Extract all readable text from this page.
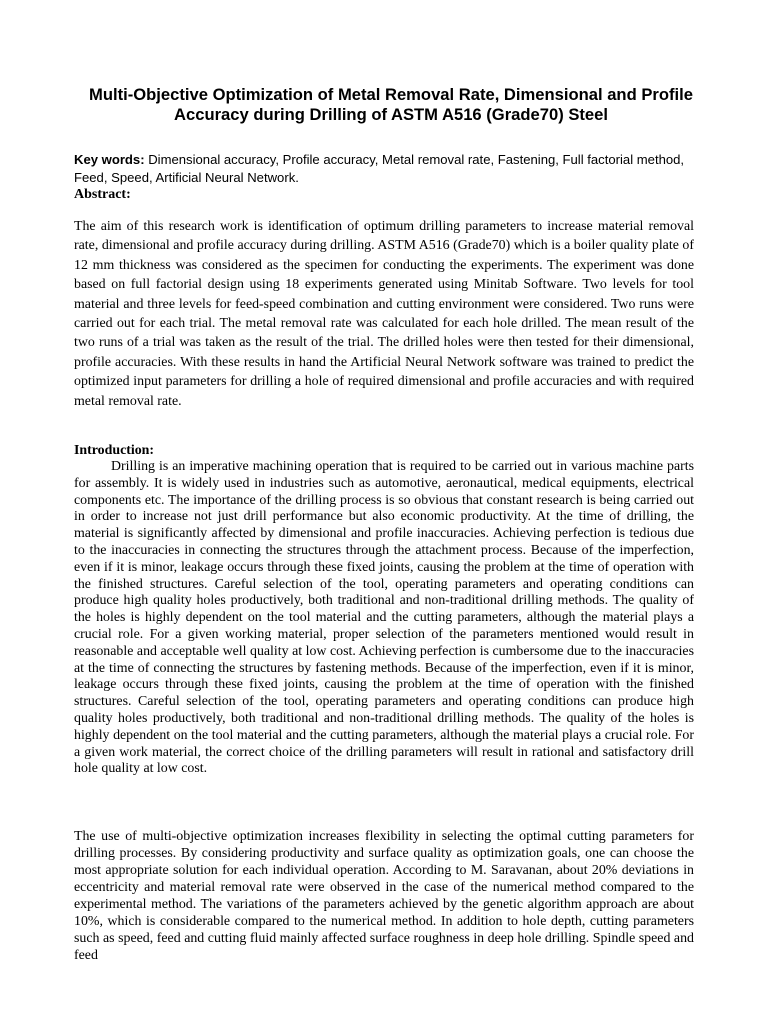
Multi-Objective Optimization of Metal Removal Rate, Dimensional and Profile Accuracy during Drilling of ASTM A516 (Grade70) Steel

Key words: Dimensional accuracy, Profile accuracy, Metal removal rate, Fastening, Full factorial method, Feed, Speed, Artificial Neural Network.

Abstract:

The aim of this research work is identification of optimum drilling parameters to increase material removal rate, dimensional and profile accuracy during drilling. ASTM A516 (Grade70) which is a boiler quality plate of 12 mm thickness was considered as the specimen for conducting the experiments. The experiment was done based on full factorial design using 18 experiments generated using Minitab Software. Two levels for tool material and three levels for feed-speed combination and cutting environment were considered. Two runs were carried out for each trial. The metal removal rate was calculated for each hole drilled. The mean result of the two runs of a trial was taken as the result of the trial. The drilled holes were then tested for their dimensional, profile accuracies. With these results in hand the Artificial Neural Network software was trained to predict the optimized input parameters for drilling a hole of required dimensional and profile accuracies and with required metal removal rate.

Introduction:

Drilling is an imperative machining operation that is required to be carried out in various machine parts for assembly. It is widely used in industries such as automotive, aeronautical, medical equipments, electrical components etc. The importance of the drilling process is so obvious that constant research is being carried out in order to increase not just drill performance but also economic productivity. At the time of drilling, the material is significantly affected by dimensional and profile inaccuracies. Achieving perfection is tedious due to the inaccuracies in connecting the structures through the attachment process. Because of the imperfection, even if it is minor, leakage occurs through these fixed joints, causing the problem at the time of operation with the finished structures. Careful selection of the tool, operating parameters and operating conditions can produce high quality holes productively, both traditional and non-traditional drilling methods. The quality of the holes is highly dependent on the tool material and the cutting parameters, although the material plays a crucial role. For a given working material, proper selection of the parameters mentioned would result in reasonable and acceptable well quality at low cost. Achieving perfection is cumbersome due to the inaccuracies at the time of connecting the structures by fastening methods. Because of the imperfection, even if it is minor, leakage occurs through these fixed joints, causing the problem at the time of operation with the finished structures. Careful selection of the tool, operating parameters and operating conditions can produce high quality holes productively, both traditional and non-traditional drilling methods. The quality of the holes is highly dependent on the tool material and the cutting parameters, although the material plays a crucial role. For a given work material, the correct choice of the drilling parameters will result in rational and satisfactory drill hole quality at low cost.

The use of multi-objective optimization increases flexibility in selecting the optimal cutting parameters for drilling processes. By considering productivity and surface quality as optimization goals, one can choose the most appropriate solution for each individual operation. According to M. Saravanan, about 20% deviations in eccentricity and material removal rate were observed in the case of the numerical method compared to the experimental method. The variations of the parameters achieved by the genetic algorithm approach are about 10%, which is considerable compared to the numerical method. In addition to hole depth, cutting parameters such as speed, feed and cutting fluid mainly affected surface roughness in deep hole drilling. Spindle speed and feed
